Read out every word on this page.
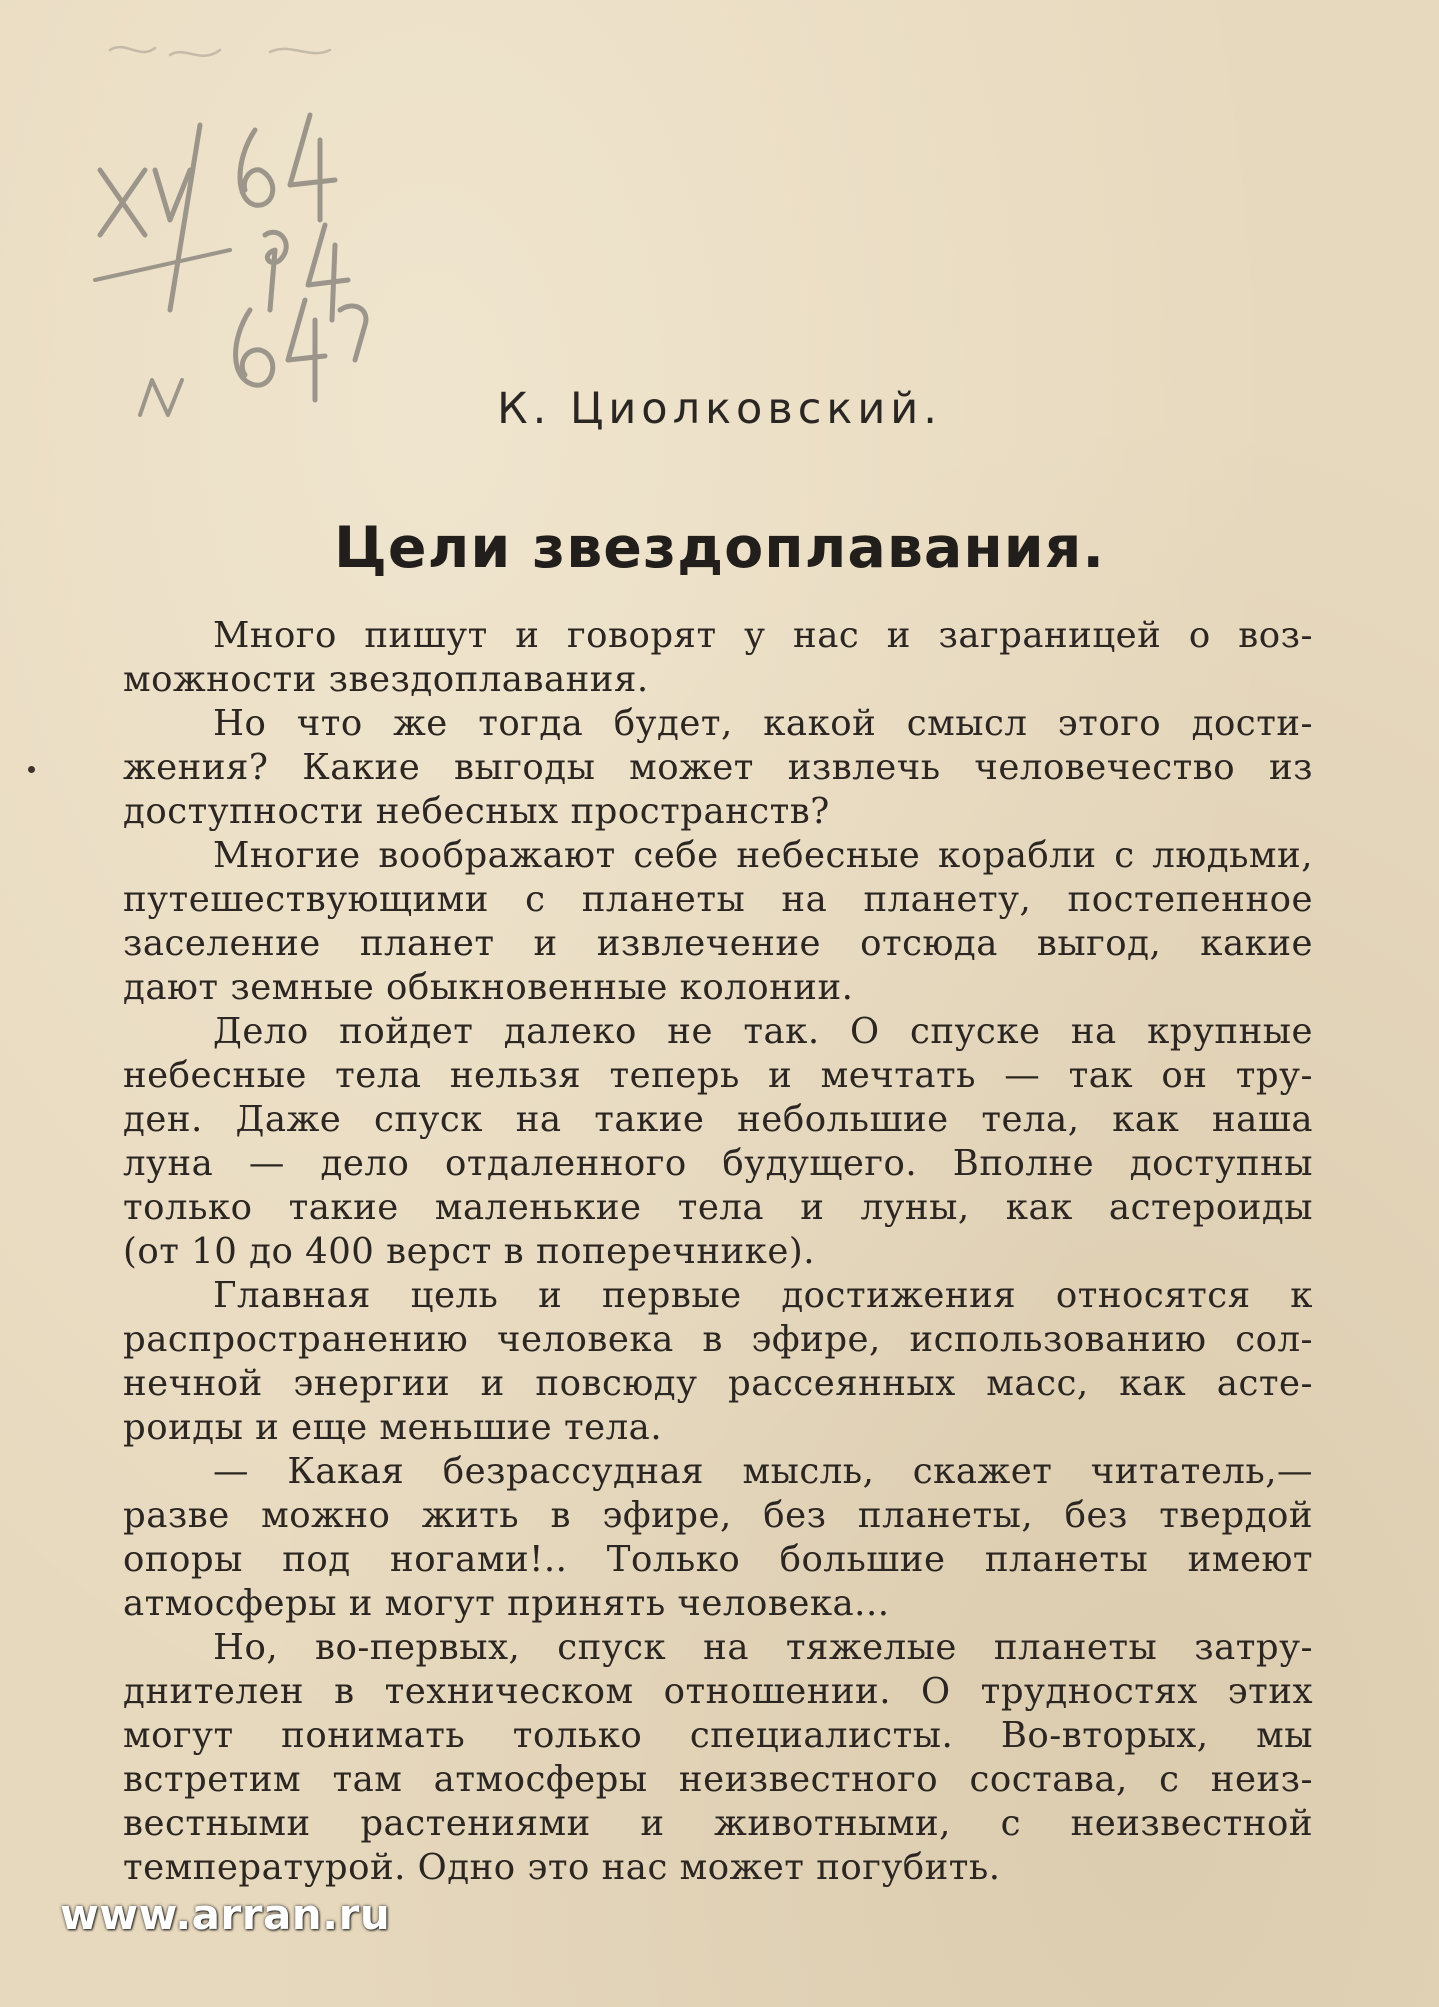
К. Циолковский.
Цели звездоплавания.
Много пишут и говорят у нас и заграницей о воз-
можности звездоплавания.
Но что же тогда будет, какой смысл этого дости-
жения? Какие выгоды может извлечь человечество из
доступности небесных пространств?
Многие воображают себе небесные корабли с людьми,
путешествующими с планеты на планету, постепенное
заселение планет и извлечение отсюда выгод, какие
дают земные обыкновенные колонии.
Дело пойдет далеко не так. О спуске на крупные
небесные тела нельзя теперь и мечтать — так он тру-
ден. Даже спуск на такие небольшие тела, как наша
луна — дело отдаленного будущего. Вполне доступны
только такие маленькие тела и луны, как астероиды
(от 10 до 400 верст в поперечнике).
Главная цель и первые достижения относятся к
распространению человека в эфире, использованию сол-
нечной энергии и повсюду рассеянных масс, как асте-
роиды и еще меньшие тела.
— Какая безрассудная мысль, скажет читатель,—
разве можно жить в эфире, без планеты, без твердой
опоры под ногами!.. Только большие планеты имеют
атмосферы и могут принять человека...
Но, во-первых, спуск на тяжелые планеты затру-
днителен в техническом отношении. О трудностях этих
могут понимать только специалисты. Во-вторых, мы
встретим там атмосферы неизвестного состава, с неиз-
вестными растениями и животными, с неизвестной
температурой. Одно это нас может погубить.
www.arran.ru
